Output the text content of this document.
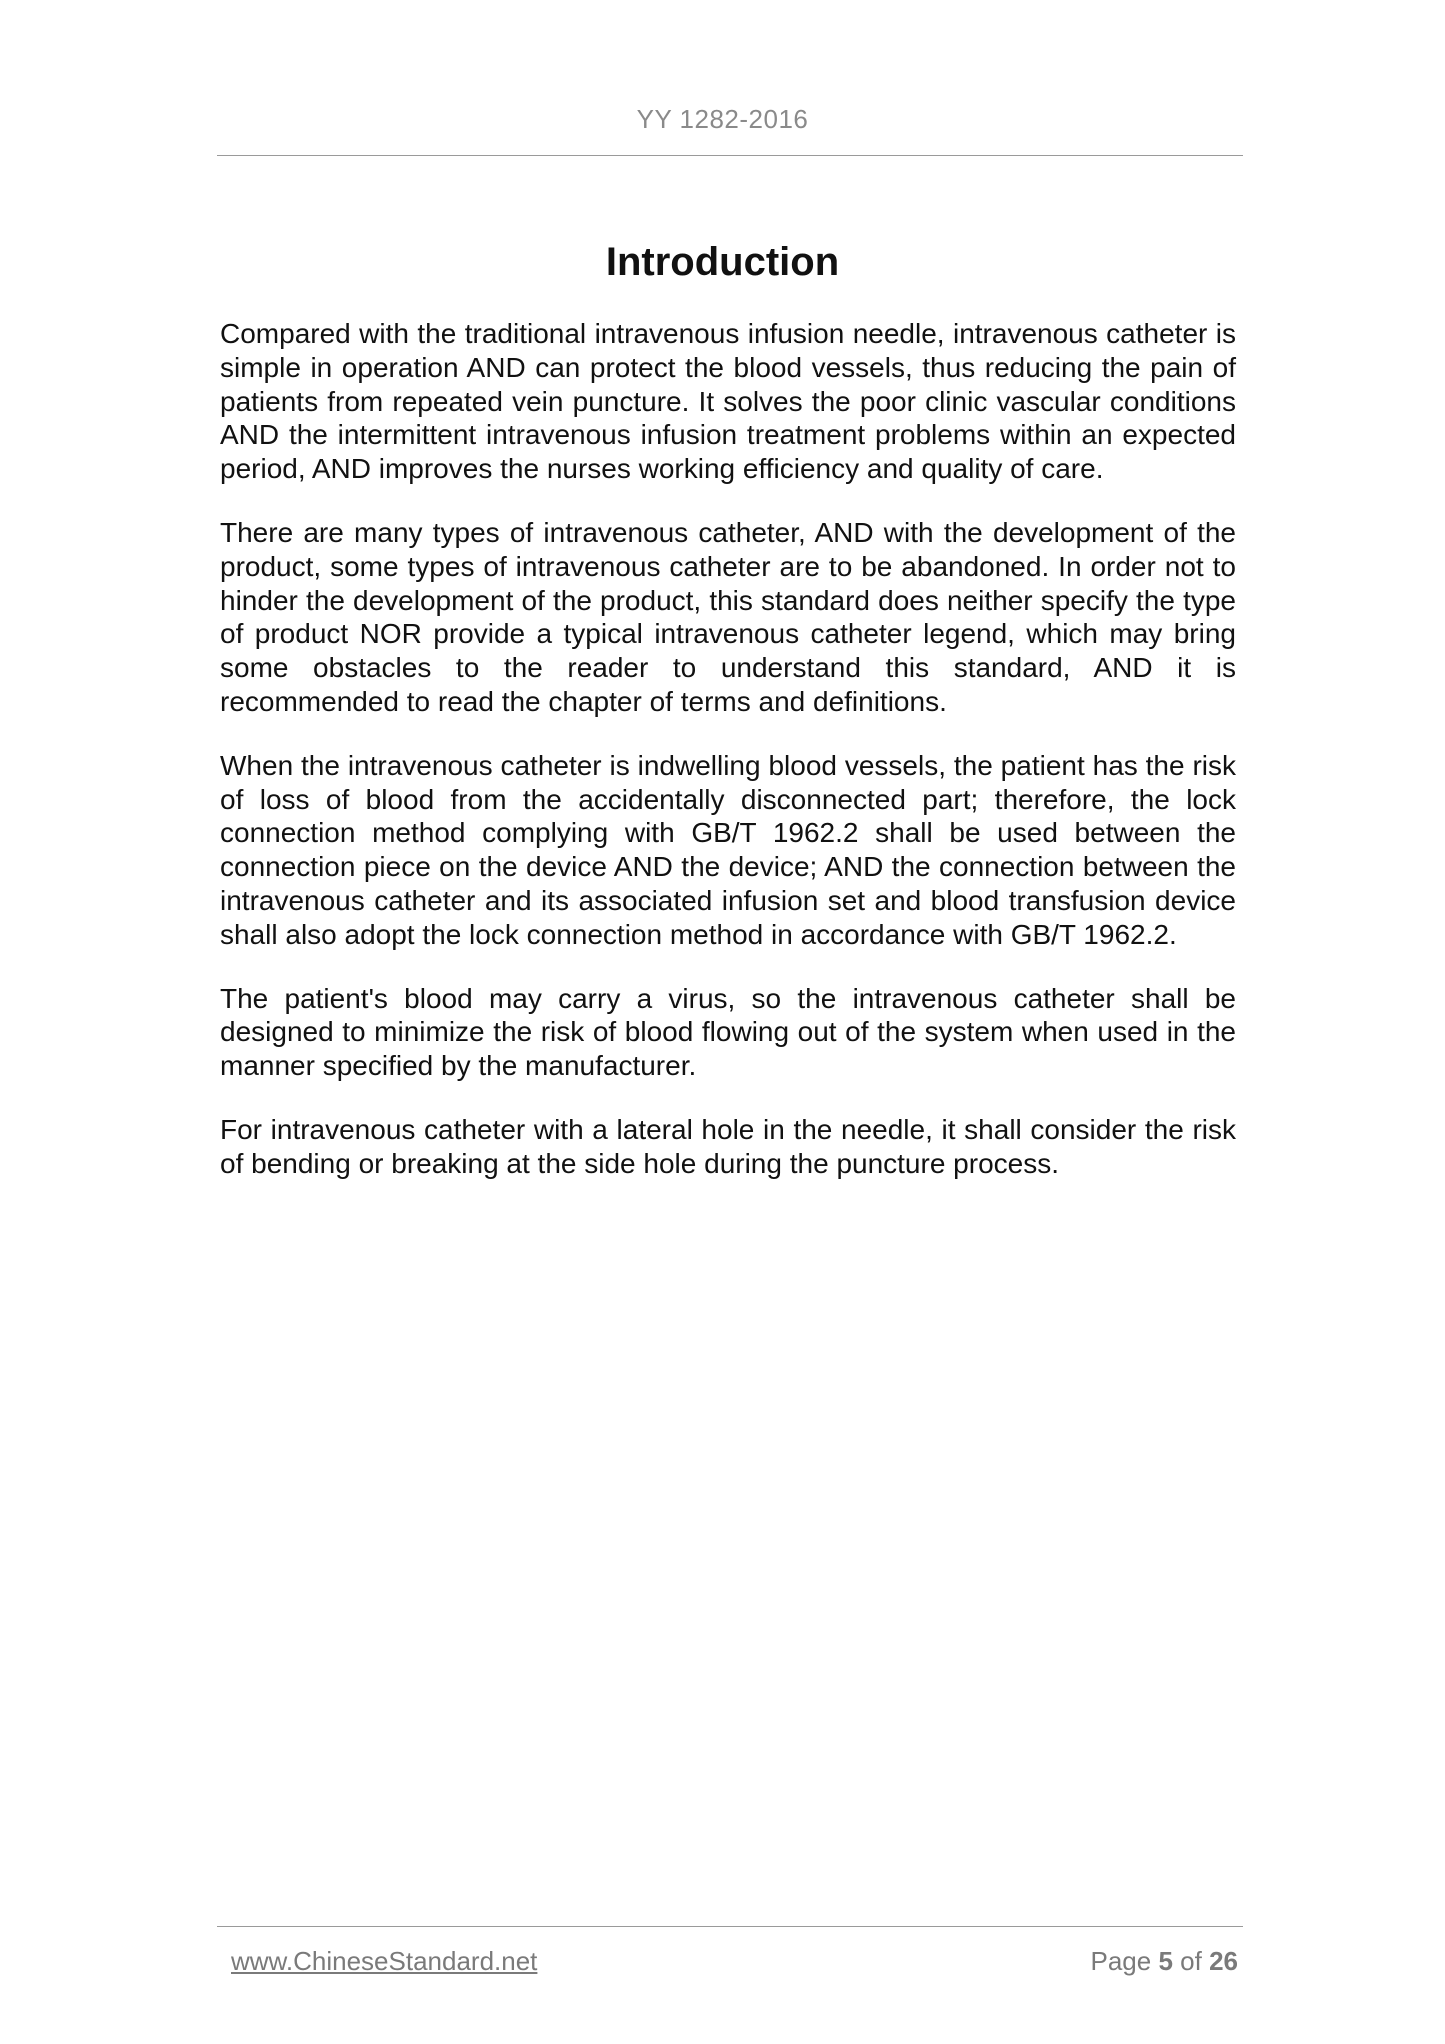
YY 1282-2016
Introduction

Compared with the traditional intravenous infusion needle, intravenous catheter is simple in operation AND can protect the blood vessels, thus reducing the pain of patients from repeated vein puncture. It solves the poor clinic vascular conditions AND the intermittent intravenous infusion treatment problems within an expected period, AND improves the nurses working efficiency and quality of care.

There are many types of intravenous catheter, AND with the development of the product, some types of intravenous catheter are to be abandoned. In order not to hinder the development of the product, this standard does neither specify the type of product NOR provide a typical intravenous catheter legend, which may bring some obstacles to the reader to understand this standard, AND it is recommended to read the chapter of terms and definitions.

When the intravenous catheter is indwelling blood vessels, the patient has the risk of loss of blood from the accidentally disconnected part; therefore, the lock connection method complying with GB/T 1962.2 shall be used between the connection piece on the device AND the device; AND the connection between the intravenous catheter and its associated infusion set and blood transfusion device shall also adopt the lock connection method in accordance with GB/T 1962.2.

The patient's blood may carry a virus, so the intravenous catheter shall be designed to minimize the risk of blood flowing out of the system when used in the manner specified by the manufacturer.

For intravenous catheter with a lateral hole in the needle, it shall consider the risk of bending or breaking at the side hole during the puncture process.

www.ChineseStandard.net	Page 5 of 26
